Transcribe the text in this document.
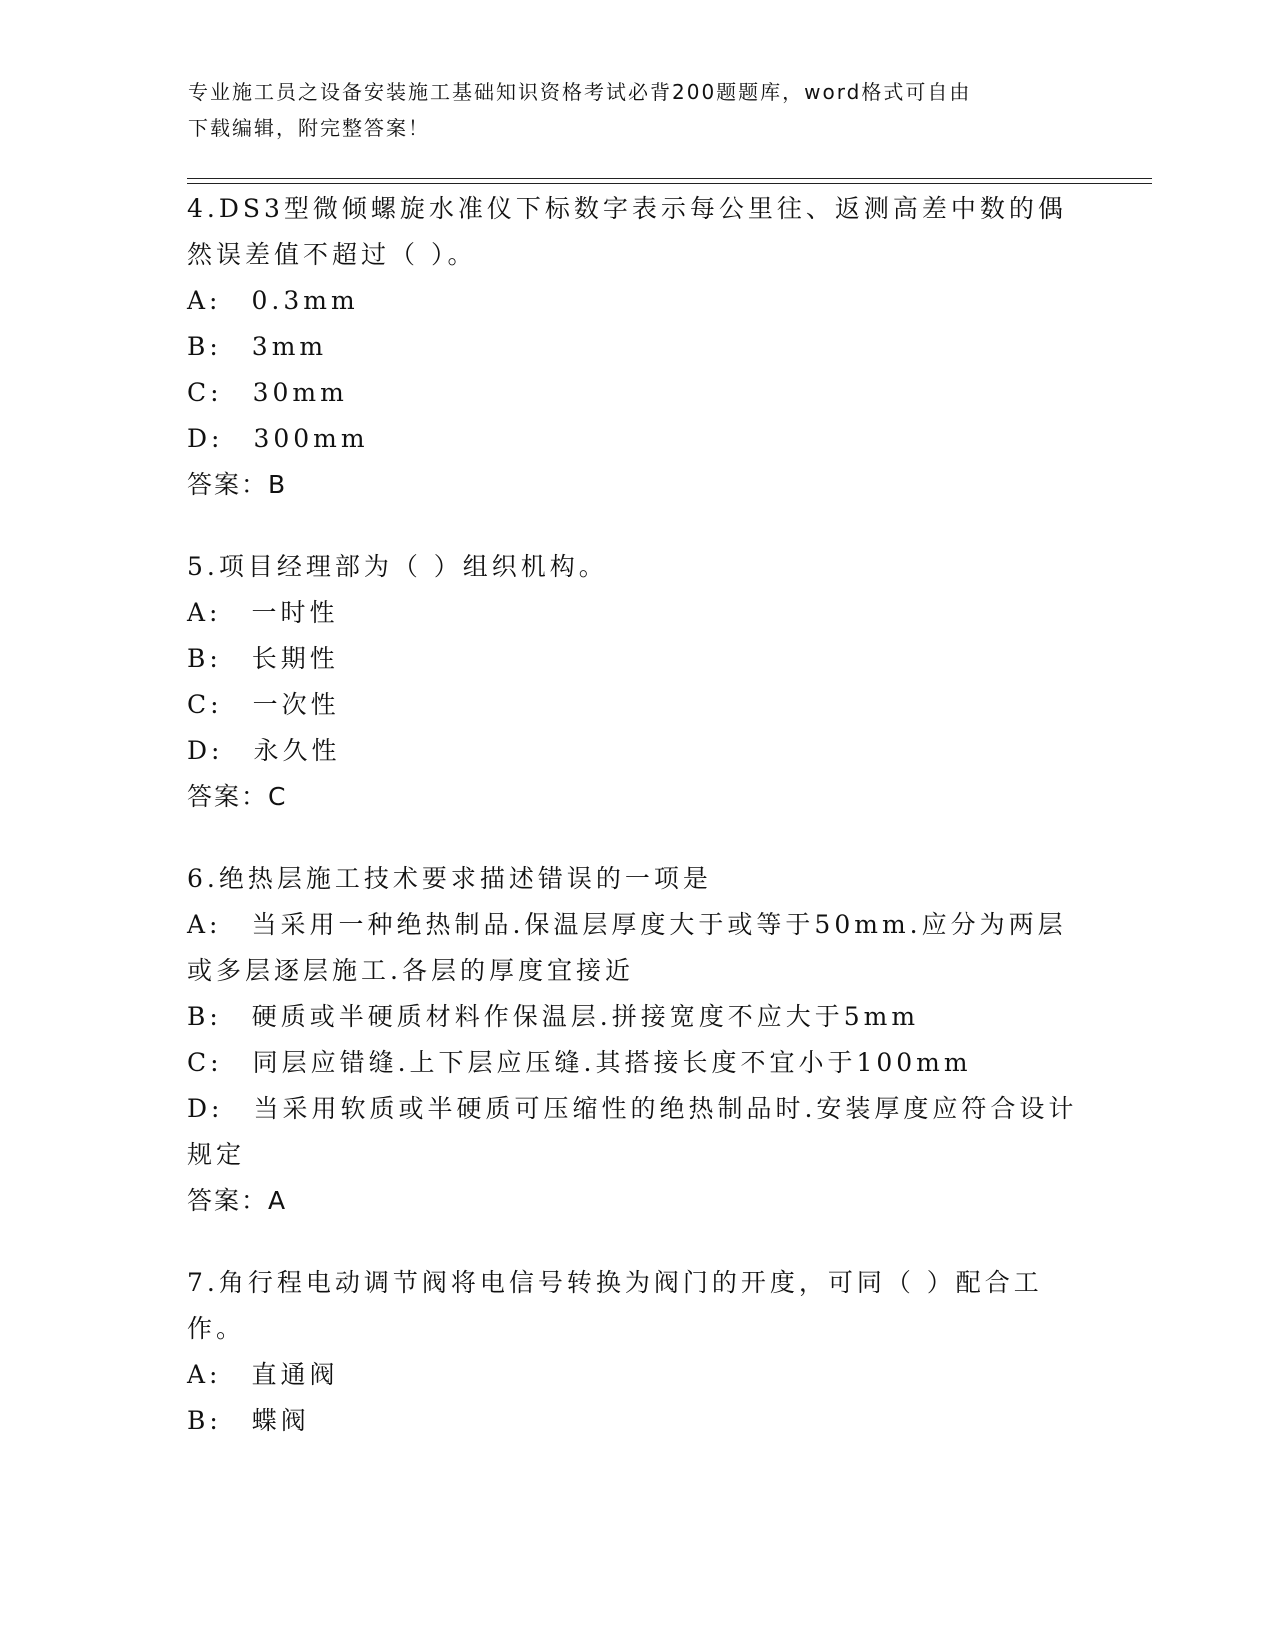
专业施工员之设备安装施工基础知识资格考试必背200题题库，word格式可自由
下载编辑，附完整答案！
4.DS3型微倾螺旋水准仪下标数字表示每公里往、返测高差中数的偶然误差值不超过（ ）。
A: 0.3mm
B: 3mm
C: 30mm
D: 300mm
答案：B
5.项目经理部为（ ）组织机构。
A: 一时性
B: 长期性
C: 一次性
D: 永久性
答案：C
6.绝热层施工技术要求描述错误的一项是
A: 当采用一种绝热制品.保温层厚度大于或等于50mm.应分为两层或多层逐层施工.各层的厚度宜接近
B: 硬质或半硬质材料作保温层.拼接宽度不应大于5mm
C: 同层应错缝.上下层应压缝.其搭接长度不宜小于100mm
D: 当采用软质或半硬质可压缩性的绝热制品时.安装厚度应符合设计规定
答案：A
7.角行程电动调节阀将电信号转换为阀门的开度，可同（ ）配合工作。
A: 直通阀
B: 蝶阀
